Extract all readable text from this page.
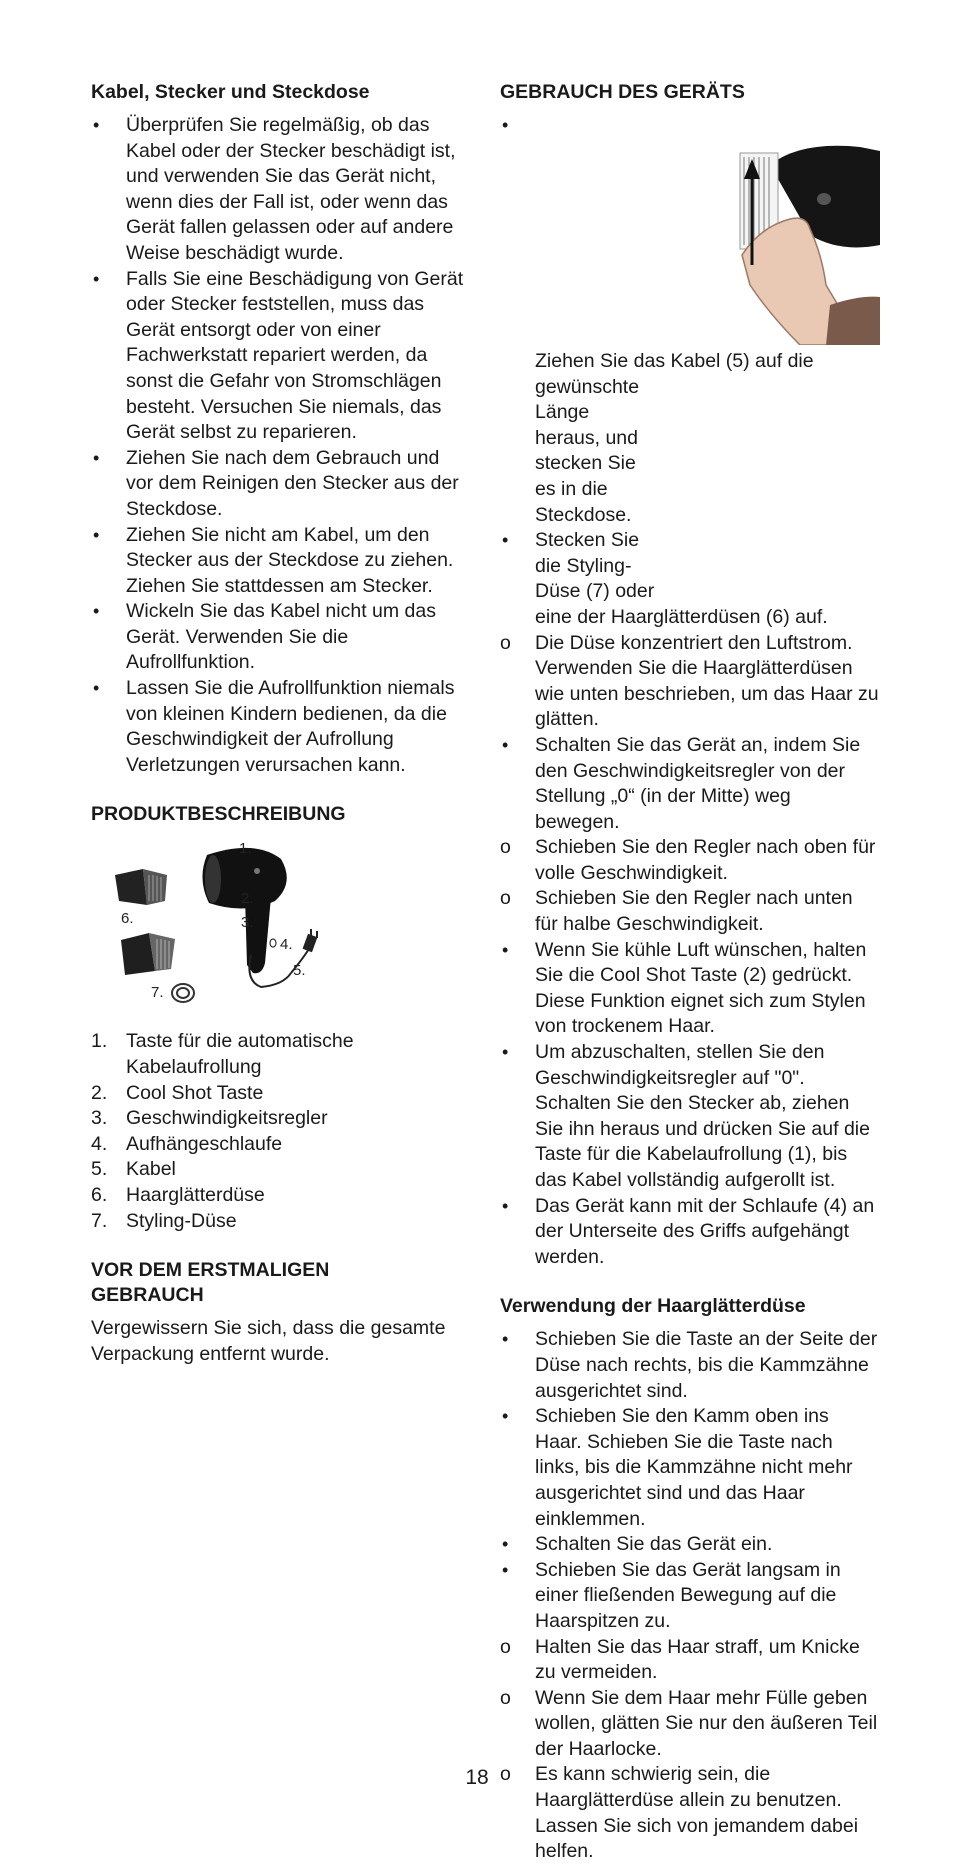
Kabel, Stecker und Steckdose
•	Überprüfen Sie regelmäßig, ob das Kabel oder der Stecker beschädigt ist, und verwenden Sie das Gerät nicht, wenn dies der Fall ist, oder wenn das Gerät fallen gelassen oder auf andere Weise beschädigt wurde.
•	Falls Sie eine Beschädigung von Gerät oder Stecker feststellen, muss das Gerät entsorgt oder von einer Fachwerkstatt repariert werden, da sonst die Gefahr von Stromschlägen besteht. Versuchen Sie niemals, das Gerät selbst zu reparieren.
•	Ziehen Sie nach dem Gebrauch und vor dem Reinigen den Stecker aus der Steckdose.
•	Ziehen Sie nicht am Kabel, um den Stecker aus der Steckdose zu ziehen. Ziehen Sie stattdessen am Stecker.
•	Wickeln Sie das Kabel nicht um das Gerät. Verwenden Sie die Aufrollfunktion.
•	Lassen Sie die Aufrollfunktion niemals von kleinen Kindern bedienen, da die Geschwindigkeit der Aufrollung Verletzungen verursachen kann.
PRODUKTBESCHREIBUNG
1.
2.
3.
4.
5.
6.
7.
1. Taste für die automatische Kabelaufrollung
2. Cool Shot Taste
3. Geschwindigkeitsregler
4. Aufhängeschlaufe
5. Kabel
6. Haarglätterdüse
7. Styling-Düse
VOR DEM ERSTMALIGEN
GEBRAUCH

Vergewissern Sie sich, dass die gesamte Verpackung entfernt wurde.

GEBRAUCH DES GERÄTS
•
Ziehen Sie das Kabel (5) auf die
gewünschte
Länge
heraus, und
stecken Sie
es in die
Steckdose.
•	Stecken Sie
die Styling-
Düse (7) oder
eine der Haarglätterdüsen (6) auf.
o	Die Düse konzentriert den Luftstrom. Verwenden Sie die Haarglätterdüsen wie unten beschrieben, um das Haar zu glätten.
•	Schalten Sie das Gerät an, indem Sie den Geschwindigkeitsregler von der Stellung „0“ (in der Mitte) weg bewegen.
o	Schieben Sie den Regler nach oben für volle Geschwindigkeit.
o	Schieben Sie den Regler nach unten für halbe Geschwindigkeit.
•	Wenn Sie kühle Luft wünschen, halten Sie die Cool Shot Taste (2) gedrückt. Diese Funktion eignet sich zum Stylen von trockenem Haar.
•	Um abzuschalten, stellen Sie den Geschwindigkeitsregler auf "0". Schalten Sie den Stecker ab, ziehen Sie ihn heraus und drücken Sie auf die Taste für die Kabelaufrollung (1), bis das Kabel vollständig aufgerollt ist.
•	Das Gerät kann mit der Schlaufe (4) an der Unterseite des Griffs aufgehängt werden.
Verwendung der Haarglätterdüse
•	Schieben Sie die Taste an der Seite der Düse nach rechts, bis die Kammzähne ausgerichtet sind.
•	Schieben Sie den Kamm oben ins Haar. Schieben Sie die Taste nach links, bis die Kammzähne nicht mehr ausgerichtet sind und das Haar einklemmen.
•	Schalten Sie das Gerät ein.
•	Schieben Sie das Gerät langsam in einer fließenden Bewegung auf die Haarspitzen zu.
o	Halten Sie das Haar straff, um Knicke zu vermeiden.
o	Wenn Sie dem Haar mehr Fülle geben wollen, glätten Sie nur den äußeren Teil der Haarlocke.
o	Es kann schwierig sein, die Haarglätterdüse allein zu benutzen. Lassen Sie sich von jemandem dabei helfen.
18
